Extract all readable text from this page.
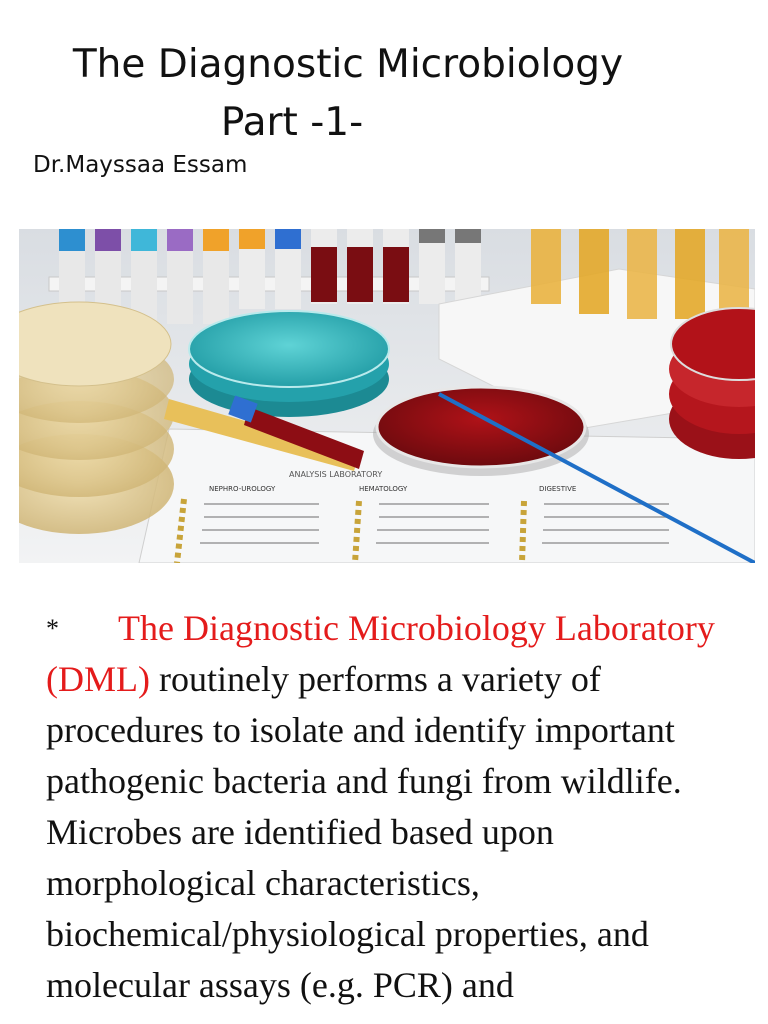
The Diagnostic Microbiology
Part -1-
Dr.Mayssaa Essam
ANALYSIS LABORATORY
NEPHRO-UROLOGY	HEMATOLOGY	DIGESTIVE
* The Diagnostic Microbiology Laboratory (DML) routinely performs a variety of procedures to isolate and identify important pathogenic bacteria and fungi from wildlife. Microbes are identified based upon morphological characteristics, biochemical/physiological properties, and molecular assays (e.g. PCR) and
